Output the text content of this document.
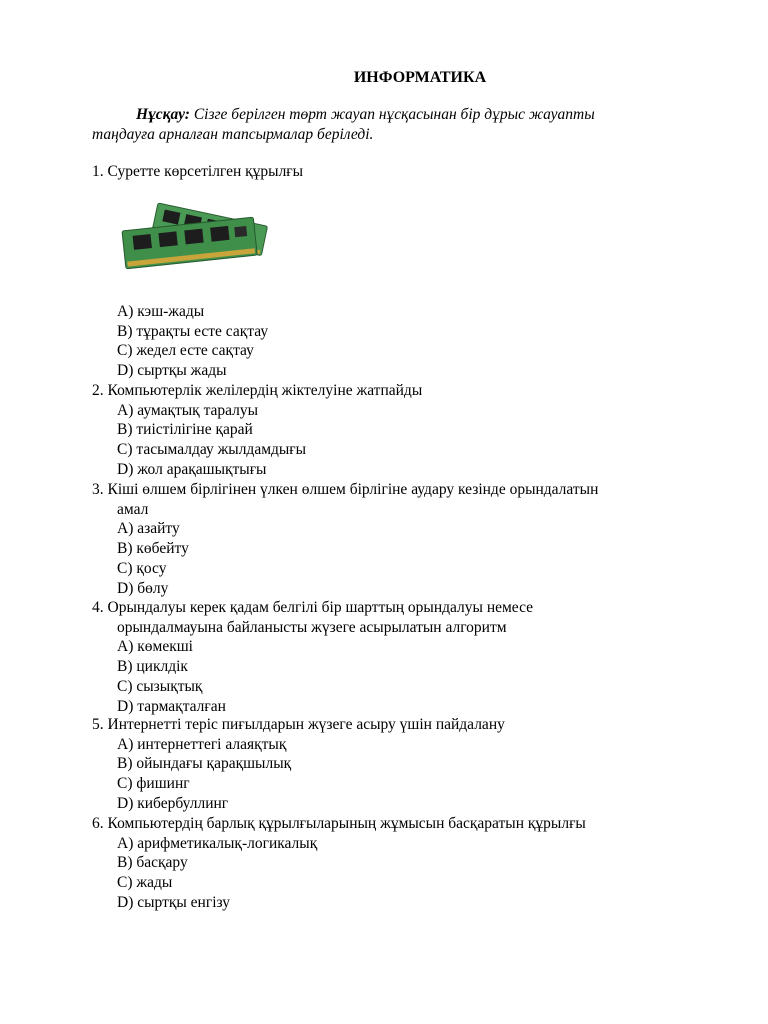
ИНФОРМАТИКА
Нұсқау: Сізге берілген төрт жауап нұсқасынан бір дұрыс жауапты
таңдауға арналған тапсырмалар беріледі.
1. Суретте көрсетілген құрылғы
A) кэш-жады
B) тұрақты есте сақтау
C) жедел есте сақтау
D) сыртқы жады
2. Компьютерлік желілердің жіктелуіне жатпайды
A) аумақтық таралуы
B) тиістілігіне қарай
C) тасымалдау жылдамдығы
D) жол арақашықтығы
3. Кіші өлшем бірлігінен үлкен өлшем бірлігіне аудару кезінде орындалатын
амал
A) азайту
B) көбейту
C) қосу
D) бөлу
4. Орындалуы керек қадам белгілі бір шарттың орындалуы немесе
орындалмауына байланысты жүзеге асырылатын алгоритм
A) көмекші
B) циклдік
C) сызықтық
D) тармақталған
5. Интернетті теріс пиғылдарын жүзеге асыру үшін пайдалану
A) интернеттегі алаяқтық
B) ойындағы қарақшылық
C) фишинг
D) кибербуллинг
6. Компьютердің барлық құрылғыларының жұмысын басқаратын құрылғы
A) арифметикалық-логикалық
B) басқару
C) жады
D) сыртқы енгізу
